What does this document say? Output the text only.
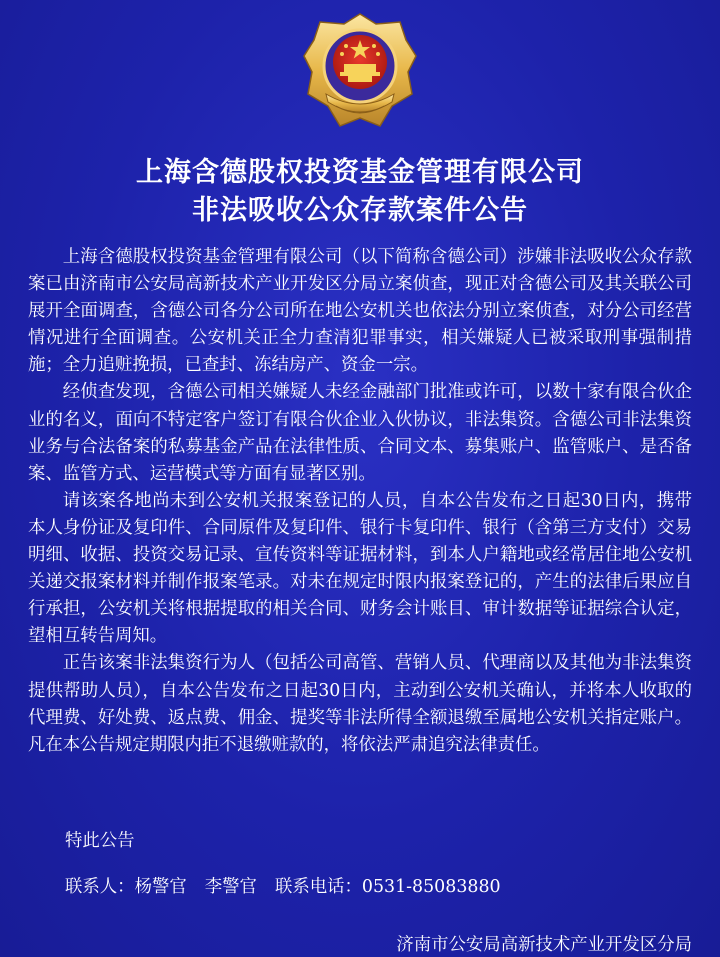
上海含德股权投资基金管理有限公司
非法吸收公众存款案件公告

上海含德股权投资基金管理有限公司（以下简称含德公司）涉嫌非法吸收公众存款案已由济南市公安局高新技术产业开发区分局立案侦查，现正对含德公司及其关联公司展开全面调查，含德公司各分公司所在地公安机关也依法分别立案侦查，对分公司经营情况进行全面调查。公安机关正全力查清犯罪事实，相关嫌疑人已被采取刑事强制措施；全力追赃挽损，已查封、冻结房产、资金一宗。

经侦查发现，含德公司相关嫌疑人未经金融部门批准或许可，以数十家有限合伙企业的名义，面向不特定客户签订有限合伙企业入伙协议，非法集资。含德公司非法集资业务与合法备案的私募基金产品在法律性质、合同文本、募集账户、监管账户、是否备案、监管方式、运营模式等方面有显著区别。

请该案各地尚未到公安机关报案登记的人员，自本公告发布之日起30日内，携带本人身份证及复印件、合同原件及复印件、银行卡复印件、银行（含第三方支付）交易明细、收据、投资交易记录、宣传资料等证据材料，到本人户籍地或经常居住地公安机关递交报案材料并制作报案笔录。对未在规定时限内报案登记的，产生的法律后果应自行承担，公安机关将根据提取的相关合同、财务会计账目、审计数据等证据综合认定，望相互转告周知。

正告该案非法集资行为人（包括公司高管、营销人员、代理商以及其他为非法集资提供帮助人员），自本公告发布之日起30日内，主动到公安机关确认，并将本人收取的代理费、好处费、返点费、佣金、提奖等非法所得全额退缴至属地公安机关指定账户。凡在本公告规定期限内拒不退缴赃款的，将依法严肃追究法律责任。

特此公告
联系人：杨警官 李警官 联系电话：0531-85083880
济南市公安局高新技术产业开发区分局
